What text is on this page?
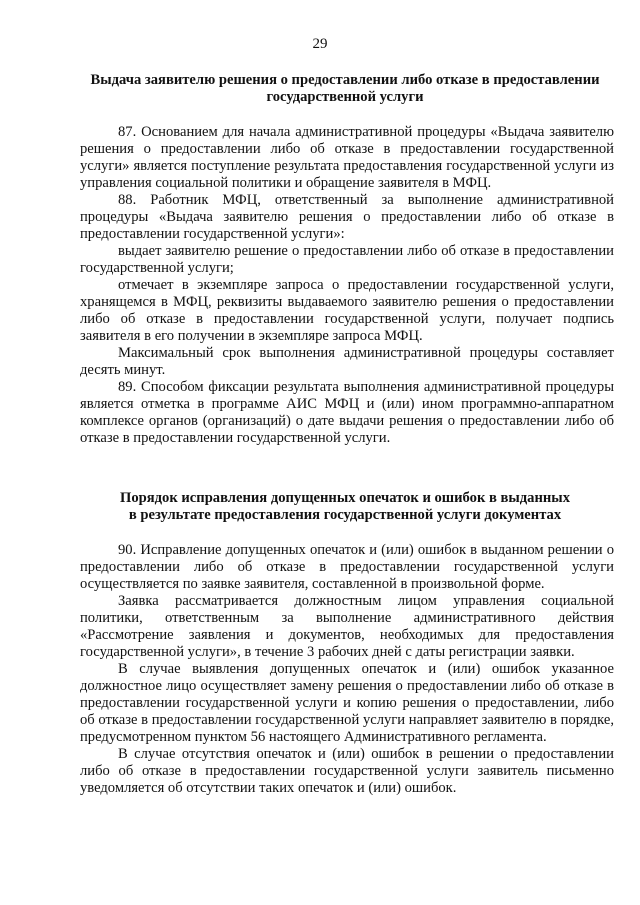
29
Выдача заявителю решения о предоставлении либо отказе в предоставлении
государственной услуги

87. Основанием для начала административной процедуры «Выдача заявителю решения о предоставлении либо об отказе в предоставлении государственной услуги» является поступление результата предоставления государственной услуги из управления социальной политики и обращение заявителя в МФЦ.

88. Работник МФЦ, ответственный за выполнение административной процедуры «Выдача заявителю решения о предоставлении либо об отказе в предоставлении государственной услуги»:

выдает заявителю решение о предоставлении либо об отказе в предоставлении государственной услуги;

отмечает в экземпляре запроса о предоставлении государственной услуги, хранящемся в МФЦ, реквизиты выдаваемого заявителю решения о предоставлении либо об отказе в предоставлении государственной услуги, получает подпись заявителя в его получении в экземпляре запроса МФЦ.

Максимальный срок выполнения административной процедуры составляет десять минут.

89. Способом фиксации результата выполнения административной процедуры является отметка в программе АИС МФЦ и (или) ином программно-аппаратном комплексе органов (организаций) о дате выдачи решения о предоставлении либо об отказе в предоставлении государственной услуги.

Порядок исправления допущенных опечаток и ошибок в выданных
в результате предоставления государственной услуги документах

90. Исправление допущенных опечаток и (или) ошибок в выданном решении о предоставлении либо об отказе в предоставлении государственной услуги осуществляется по заявке заявителя, составленной в произвольной форме.

Заявка рассматривается должностным лицом управления социальной политики, ответственным за выполнение административного действия «Рассмотрение заявления и документов, необходимых для предоставления государственной услуги», в течение 3 рабочих дней с даты регистрации заявки.

В случае выявления допущенных опечаток и (или) ошибок указанное должностное лицо осуществляет замену решения о предоставлении либо об отказе в предоставлении государственной услуги и копию решения о предоставлении, либо об отказе в предоставлении государственной услуги направляет заявителю в порядке, предусмотренном пунктом 56 настоящего Административного регламента.

В случае отсутствия опечаток и (или) ошибок в решении о предоставлении либо об отказе в предоставлении государственной услуги заявитель письменно уведомляется об отсутствии таких опечаток и (или) ошибок.
